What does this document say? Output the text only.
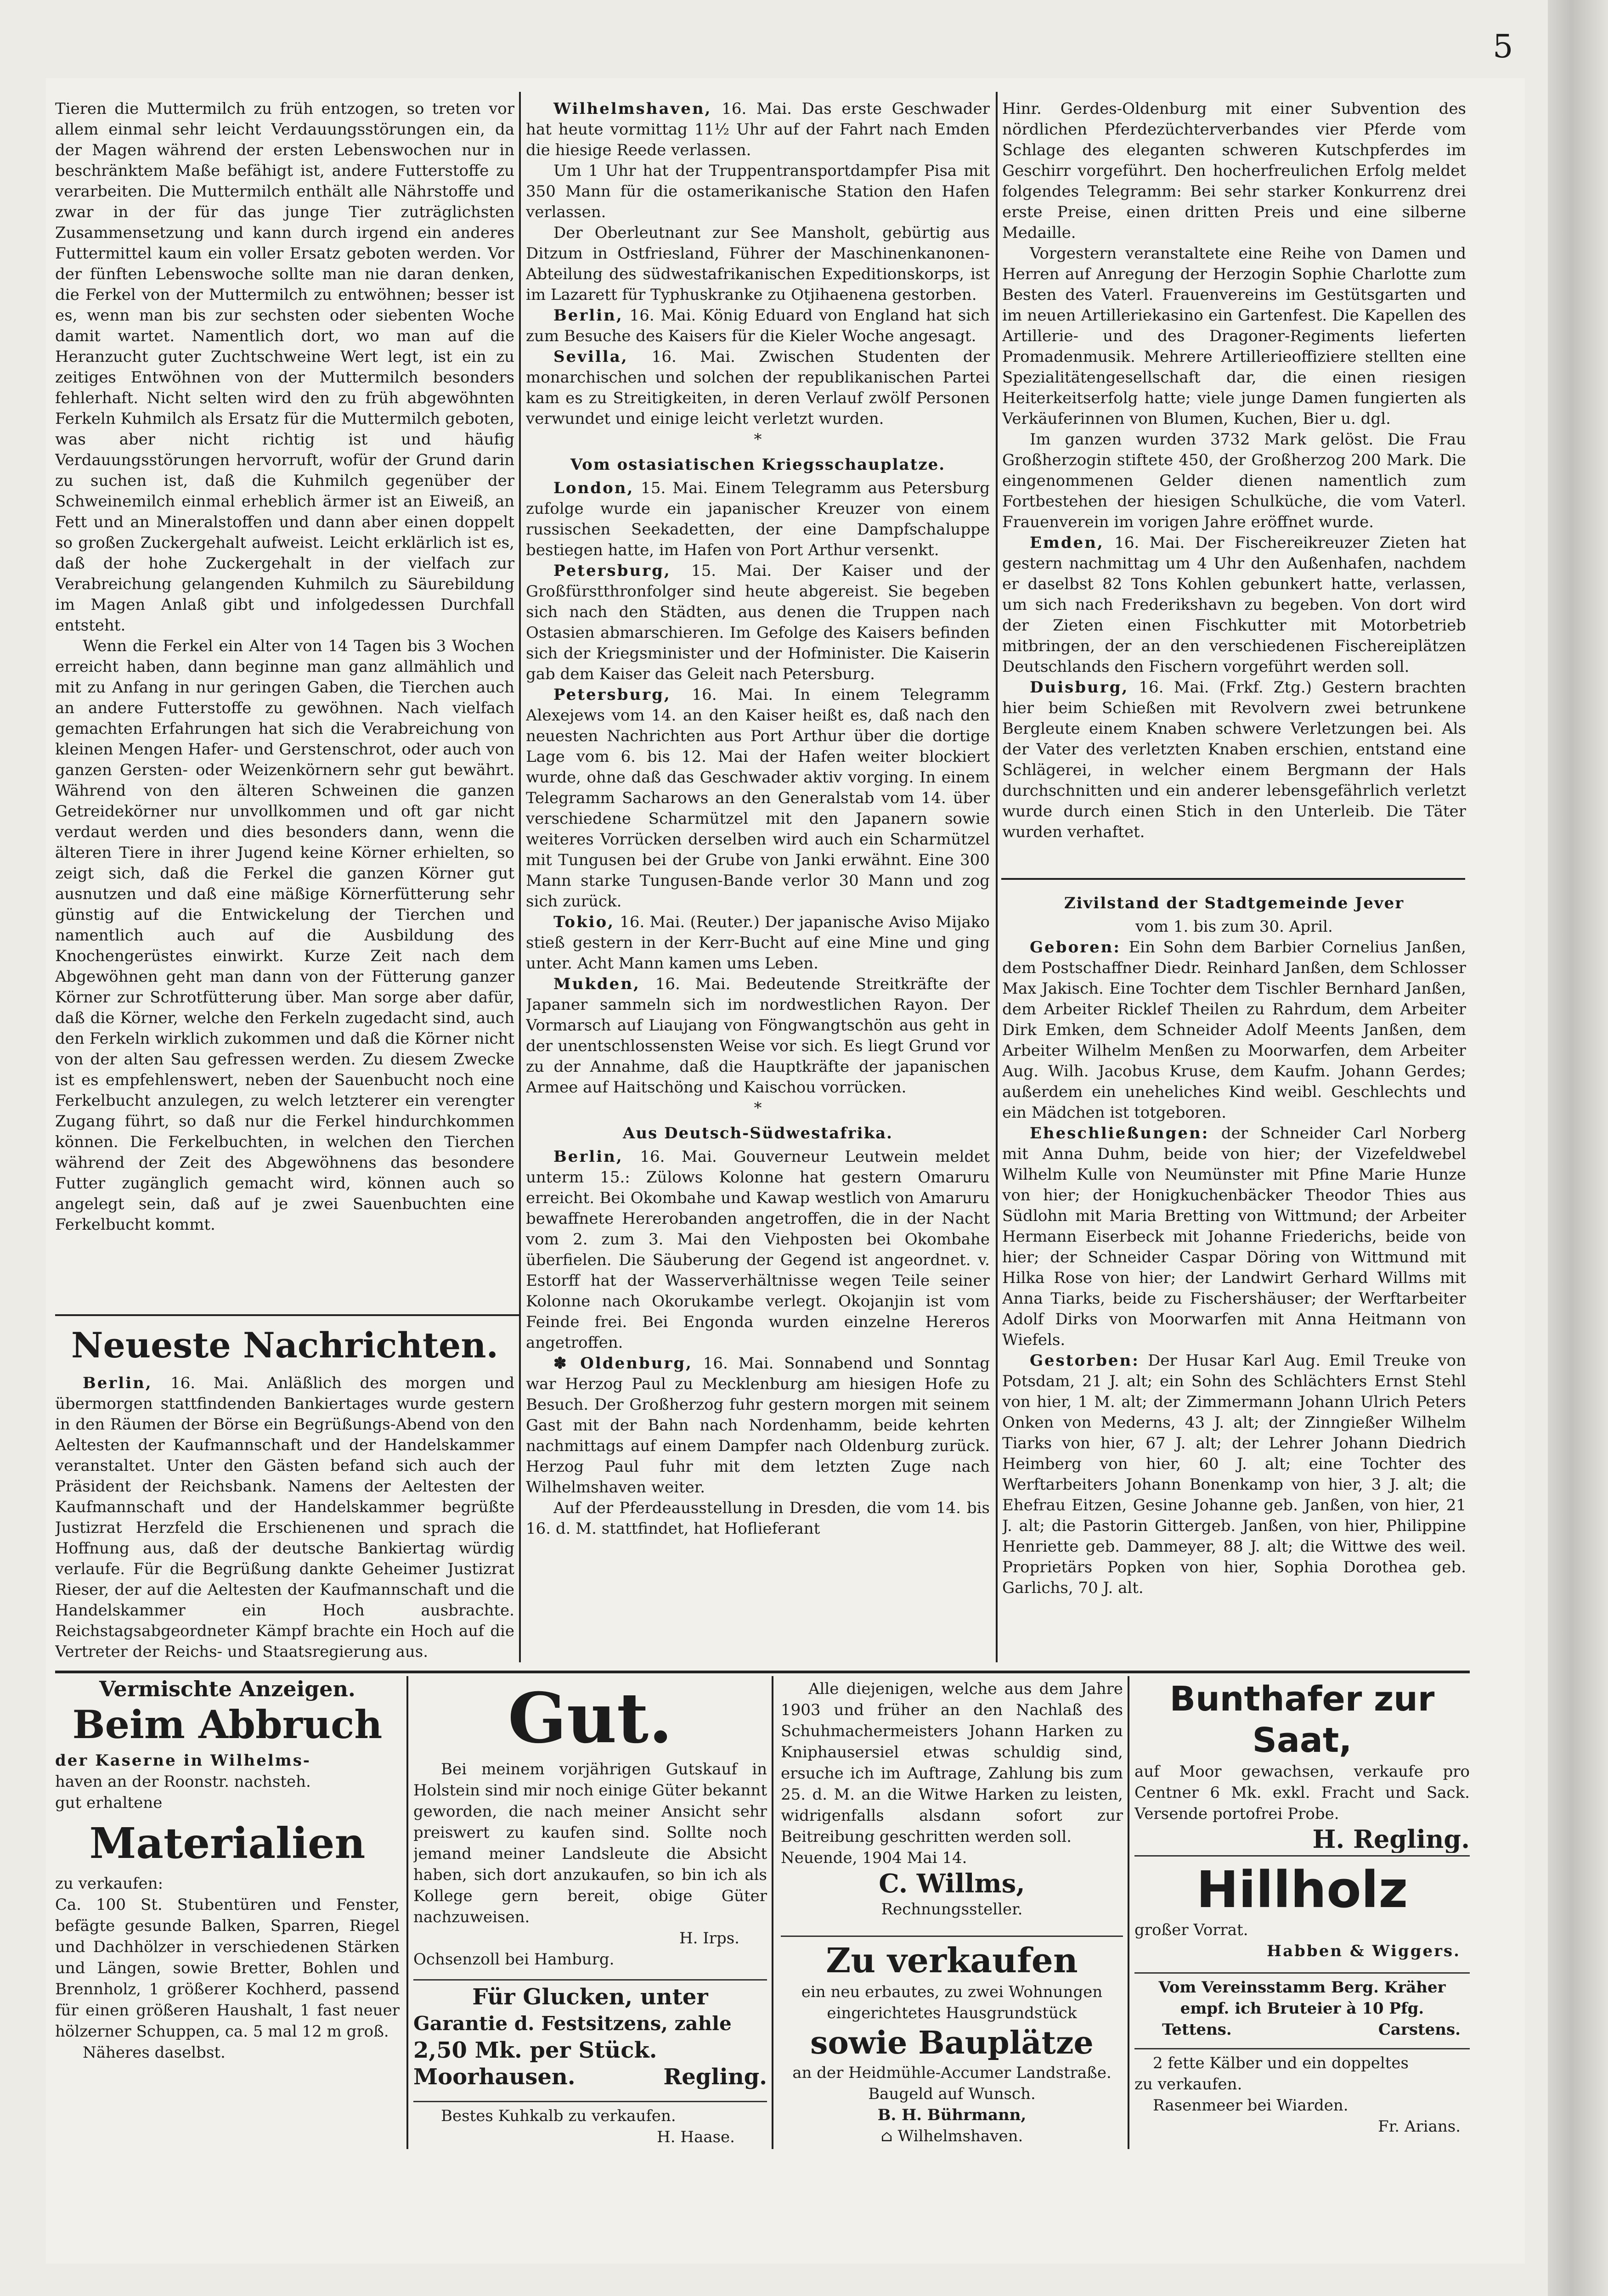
5

Tieren die Muttermilch zu früh entzogen, so treten vor allem einmal sehr leicht Verdauungsstörungen ein, da der Magen während der ersten Lebenswochen nur in beschränktem Maße befähigt ist, andere Futterstoffe zu verarbeiten. Die Muttermilch enthält alle Nährstoffe und zwar in der für das junge Tier zuträglichsten Zusammensetzung und kann durch irgend ein anderes Futtermittel kaum ein voller Ersatz geboten werden. Vor der fünften Lebenswoche sollte man nie daran denken, die Ferkel von der Muttermilch zu entwöhnen; besser ist es, wenn man bis zur sechsten oder siebenten Woche damit wartet. Namentlich dort, wo man auf die Heranzucht guter Zuchtschweine Wert legt, ist ein zu zeitiges Entwöhnen von der Muttermilch besonders fehlerhaft. Nicht selten wird den zu früh abgewöhnten Ferkeln Kuhmilch als Ersatz für die Muttermilch geboten, was aber nicht richtig ist und häufig Verdauungsstörungen hervorruft, wofür der Grund darin zu suchen ist, daß die Kuhmilch gegenüber der Schweinemilch einmal erheblich ärmer ist an Eiweiß, an Fett und an Mineralstoffen und dann aber einen doppelt so großen Zuckergehalt aufweist. Leicht erklärlich ist es, daß der hohe Zuckergehalt in der vielfach zur Verabreichung gelangenden Kuhmilch zu Säurebildung im Magen Anlaß gibt und infolgedessen Durchfall entsteht.

Wenn die Ferkel ein Alter von 14 Tagen bis 3 Wochen erreicht haben, dann beginne man ganz allmählich und mit zu Anfang in nur geringen Gaben, die Tierchen auch an andere Futterstoffe zu gewöhnen. Nach vielfach gemachten Erfahrungen hat sich die Verabreichung von kleinen Mengen Hafer- und Gerstenschrot, oder auch von ganzen Gersten- oder Weizenkörnern sehr gut bewährt. Während von den älteren Schweinen die ganzen Getreidekörner nur unvollkommen und oft gar nicht verdaut werden und dies besonders dann, wenn die älteren Tiere in ihrer Jugend keine Körner erhielten, so zeigt sich, daß die Ferkel die ganzen Körner gut ausnutzen und daß eine mäßige Körnerfütterung sehr günstig auf die Entwickelung der Tierchen und namentlich auch auf die Ausbildung des Knochengerüstes einwirkt. Kurze Zeit nach dem Abgewöhnen geht man dann von der Fütterung ganzer Körner zur Schrotfütterung über. Man sorge aber dafür, daß die Körner, welche den Ferkeln zugedacht sind, auch den Ferkeln wirklich zukommen und daß die Körner nicht von der alten Sau gefressen werden. Zu diesem Zwecke ist es empfehlenswert, neben der Sauenbucht noch eine Ferkelbucht anzulegen, zu welch letzterer ein verengter Zugang führt, so daß nur die Ferkel hindurchkommen können. Die Ferkelbuchten, in welchen den Tierchen während der Zeit des Abgewöhnens das besondere Futter zugänglich gemacht wird, können auch so angelegt sein, daß auf je zwei Sauenbuchten eine Ferkelbucht kommt.

Neueste Nachrichten.

Berlin, 16. Mai. Anläßlich des morgen und übermorgen stattfindenden Bankiertages wurde gestern in den Räumen der Börse ein Begrüßungs-Abend von den Aeltesten der Kaufmannschaft und der Handelskammer veranstaltet. Unter den Gästen befand sich auch der Präsident der Reichsbank. Namens der Aeltesten der Kaufmannschaft und der Handelskammer begrüßte Justizrat Herzfeld die Erschienenen und sprach die Hoffnung aus, daß der deutsche Bankiertag würdig verlaufe. Für die Begrüßung dankte Geheimer Justizrat Rieser, der auf die Aeltesten der Kaufmannschaft und die Handelskammer ein Hoch ausbrachte. Reichstagsabgeordneter Kämpf brachte ein Hoch auf die Vertreter der Reichs- und Staatsregierung aus.

Wilhelmshaven, 16. Mai. Das erste Geschwader hat heute vormittag 11½ Uhr auf der Fahrt nach Emden die hiesige Reede verlassen.

Um 1 Uhr hat der Truppentransportdampfer Pisa mit 350 Mann für die ostamerikanische Station den Hafen verlassen.

Der Oberleutnant zur See Mansholt, gebürtig aus Ditzum in Ostfriesland, Führer der Maschinenkanonen-Abteilung des südwestafrikanischen Expeditionskorps, ist im Lazarett für Typhuskranke zu Otjihaenena gestorben.

Berlin, 16. Mai. König Eduard von England hat sich zum Besuche des Kaisers für die Kieler Woche angesagt.

Sevilla, 16. Mai. Zwischen Studenten der monarchischen und solchen der republikanischen Partei kam es zu Streitigkeiten, in deren Verlauf zwölf Personen verwundet und einige leicht verletzt wurden.

*
Vom ostasiatischen Kriegsschauplatze.

London, 15. Mai. Einem Telegramm aus Petersburg zufolge wurde ein japanischer Kreuzer von einem russischen Seekadetten, der eine Dampfschaluppe bestiegen hatte, im Hafen von Port Arthur versenkt.

Petersburg, 15. Mai. Der Kaiser und der Großfürstthronfolger sind heute abgereist. Sie begeben sich nach den Städten, aus denen die Truppen nach Ostasien abmarschieren. Im Gefolge des Kaisers befinden sich der Kriegsminister und der Hofminister. Die Kaiserin gab dem Kaiser das Geleit nach Petersburg.

Petersburg, 16. Mai. In einem Telegramm Alexejews vom 14. an den Kaiser heißt es, daß nach den neuesten Nachrichten aus Port Arthur über die dortige Lage vom 6. bis 12. Mai der Hafen weiter blockiert wurde, ohne daß das Geschwader aktiv vorging. In einem Telegramm Sacharows an den Generalstab vom 14. über verschiedene Scharmützel mit den Japanern sowie weiteres Vorrücken derselben wird auch ein Scharmützel mit Tungusen bei der Grube von Janki erwähnt. Eine 300 Mann starke Tungusen-Bande verlor 30 Mann und zog sich zurück.

Tokio, 16. Mai. (Reuter.) Der japanische Aviso Mijako stieß gestern in der Kerr-Bucht auf eine Mine und ging unter. Acht Mann kamen ums Leben.

Mukden, 16. Mai. Bedeutende Streitkräfte der Japaner sammeln sich im nordwestlichen Rayon. Der Vormarsch auf Liaujang von Föngwangtschön aus geht in der unentschlossensten Weise vor sich. Es liegt Grund vor zu der Annahme, daß die Hauptkräfte der japanischen Armee auf Haitschöng und Kaischou vorrücken.

*
Aus Deutsch-Südwestafrika.

Berlin, 16. Mai. Gouverneur Leutwein meldet unterm 15.: Zülows Kolonne hat gestern Omaruru erreicht. Bei Okombahe und Kawap westlich von Amaruru bewaffnete Hererobanden angetroffen, die in der Nacht vom 2. zum 3. Mai den Viehposten bei Okombahe überfielen. Die Säuberung der Gegend ist angeordnet. v. Estorff hat der Wasserverhältnisse wegen Teile seiner Kolonne nach Okorukambe verlegt. Okojanjin ist vom Feinde frei. Bei Engonda wurden einzelne Hereros angetroffen.

✽ Oldenburg, 16. Mai. Sonnabend und Sonntag war Herzog Paul zu Mecklenburg am hiesigen Hofe zu Besuch. Der Großherzog fuhr gestern morgen mit seinem Gast mit der Bahn nach Nordenhamm, beide kehrten nachmittags auf einem Dampfer nach Oldenburg zurück. Herzog Paul fuhr mit dem letzten Zuge nach Wilhelmshaven weiter.

Auf der Pferdeausstellung in Dresden, die vom 14. bis 16. d. M. stattfindet, hat Hoflieferant

Hinr. Gerdes-Oldenburg mit einer Subvention des nördlichen Pferdezüchterverbandes vier Pferde vom Schlage des eleganten schweren Kutschpferdes im Geschirr vorgeführt. Den hocherfreulichen Erfolg meldet folgendes Telegramm: Bei sehr starker Konkurrenz drei erste Preise, einen dritten Preis und eine silberne Medaille.

Vorgestern veranstaltete eine Reihe von Damen und Herren auf Anregung der Herzogin Sophie Charlotte zum Besten des Vaterl. Frauenvereins im Gestütsgarten und im neuen Artilleriekasino ein Gartenfest. Die Kapellen des Artillerie- und des Dragoner-Regiments lieferten Promadenmusik. Mehrere Artillerieoffiziere stellten eine Spezialitätengesellschaft dar, die einen riesigen Heiterkeitserfolg hatte; viele junge Damen fungierten als Verkäuferinnen von Blumen, Kuchen, Bier u. dgl.

Im ganzen wurden 3732 Mark gelöst. Die Frau Großherzogin stiftete 450, der Großherzog 200 Mark. Die eingenommenen Gelder dienen namentlich zum Fortbestehen der hiesigen Schulküche, die vom Vaterl. Frauenverein im vorigen Jahre eröffnet wurde.

Emden, 16. Mai. Der Fischereikreuzer Zieten hat gestern nachmittag um 4 Uhr den Außenhafen, nachdem er daselbst 82 Tons Kohlen gebunkert hatte, verlassen, um sich nach Frederikshavn zu begeben. Von dort wird der Zieten einen Fischkutter mit Motorbetrieb mitbringen, der an den verschiedenen Fischereiplätzen Deutschlands den Fischern vorgeführt werden soll.

Duisburg, 16. Mai. (Frkf. Ztg.) Gestern brachten hier beim Schießen mit Revolvern zwei betrunkene Bergleute einem Knaben schwere Verletzungen bei. Als der Vater des verletzten Knaben erschien, entstand eine Schlägerei, in welcher einem Bergmann der Hals durchschnitten und ein anderer lebensgefährlich verletzt wurde durch einen Stich in den Unterleib. Die Täter wurden verhaftet.

Zivilstand der Stadtgemeinde Jever
vom 1. bis zum 30. April.

Geboren: Ein Sohn dem Barbier Cornelius Janßen, dem Postschaffner Diedr. Reinhard Janßen, dem Schlosser Max Jakisch. Eine Tochter dem Tischler Bernhard Janßen, dem Arbeiter Ricklef Theilen zu Rahrdum, dem Arbeiter Dirk Emken, dem Schneider Adolf Meents Janßen, dem Arbeiter Wilhelm Menßen zu Moorwarfen, dem Arbeiter Aug. Wilh. Jacobus Kruse, dem Kaufm. Johann Gerdes; außerdem ein uneheliches Kind weibl. Geschlechts und ein Mädchen ist totgeboren.

Eheschließungen: der Schneider Carl Norberg mit Anna Duhm, beide von hier; der Vizefeldwebel Wilhelm Kulle von Neumünster mit Pfine Marie Hunze von hier; der Honigkuchenbäcker Theodor Thies aus Südlohn mit Maria Bretting von Wittmund; der Arbeiter Hermann Eiserbeck mit Johanne Friederichs, beide von hier; der Schneider Caspar Döring von Wittmund mit Hilka Rose von hier; der Landwirt Gerhard Willms mit Anna Tiarks, beide zu Fischershäuser; der Werftarbeiter Adolf Dirks von Moorwarfen mit Anna Heitmann von Wiefels.

Gestorben: Der Husar Karl Aug. Emil Treuke von Potsdam, 21 J. alt; ein Sohn des Schlächters Ernst Stehl von hier, 1 M. alt; der Zimmermann Johann Ulrich Peters Onken von Mederns, 43 J. alt; der Zinngießer Wilhelm Tiarks von hier, 67 J. alt; der Lehrer Johann Diedrich Heimberg von hier, 60 J. alt; eine Tochter des Werftarbeiters Johann Bonenkamp von hier, 3 J. alt; die Ehefrau Eitzen, Gesine Johanne geb. Janßen, von hier, 21 J. alt; die Pastorin Gittergeb. Janßen, von hier, Philippine Henriette geb. Dammeyer, 88 J. alt; die Wittwe des weil. Proprietärs Popken von hier, Sophia Dorothea geb. Garlichs, 70 J. alt.

Vermischte Anzeigen.
Beim Abbruch
der Kaserne in Wilhelms-
haven an der Roonstr. nachsteh.
gut erhaltene
Materialien
zu verkaufen:
Ca. 100 St. Stubentüren und Fenster, befägte gesunde Balken, Sparren, Riegel und Dachhölzer in verschiedenen Stärken und Längen, sowie Bretter, Bohlen und Brennholz, 1 größerer Kochherd, passend für einen größeren Haushalt, 1 fast neuer hölzerner Schuppen, ca. 5 mal 12 m groß.
Näheres daselbst.
Gut.
Bei meinem vorjährigen Gutskauf in Holstein sind mir noch einige Güter bekannt geworden, die nach meiner Ansicht sehr preiswert zu kaufen sind. Sollte noch jemand meiner Landsleute die Absicht haben, sich dort anzukaufen, so bin ich als Kollege gern bereit, obige Güter nachzuweisen.
H. Irps.
Ochsenzoll bei Hamburg.
Für Glucken, unter
Garantie d. Festsitzens, zahle
2,50 Mk. per Stück.
Moorhausen.	Regling.
Bestes Kuhkalb zu verkaufen.
H. Haase.
Alle diejenigen, welche aus dem Jahre 1903 und früher an den Nachlaß des Schuhmachermeisters Johann Harken zu Kniphausersiel etwas schuldig sind, ersuche ich im Auftrage, Zahlung bis zum 25. d. M. an die Witwe Harken zu leisten, widrigenfalls alsdann sofort zur Beitreibung geschritten werden soll.
Neuende, 1904 Mai 14.
C. Willms,
Rechnungssteller.
Zu verkaufen
ein neu erbautes, zu zwei Wohnungen eingerichtetes Hausgrundstück
sowie Bauplätze
an der Heidmühle-Accumer Landstraße. Baugeld auf Wunsch.
B. H. Bührmann,
⌂ Wilhelmshaven.
Bunthafer zur
Saat,
auf Moor gewachsen, verkaufe pro Centner 6 Mk. exkl. Fracht und Sack. Versende portofrei Probe.
H. Regling.
Hillholz
großer Vorrat.
Habben & Wiggers.
Vom Vereinsstamm Berg. Kräher
empf. ich Bruteier à 10 Pfg.
Tettens.	Carstens.
2 fette Kälber und ein doppeltes
zu verkaufen.
Rasenmeer bei Wiarden.
Fr. Arians.
